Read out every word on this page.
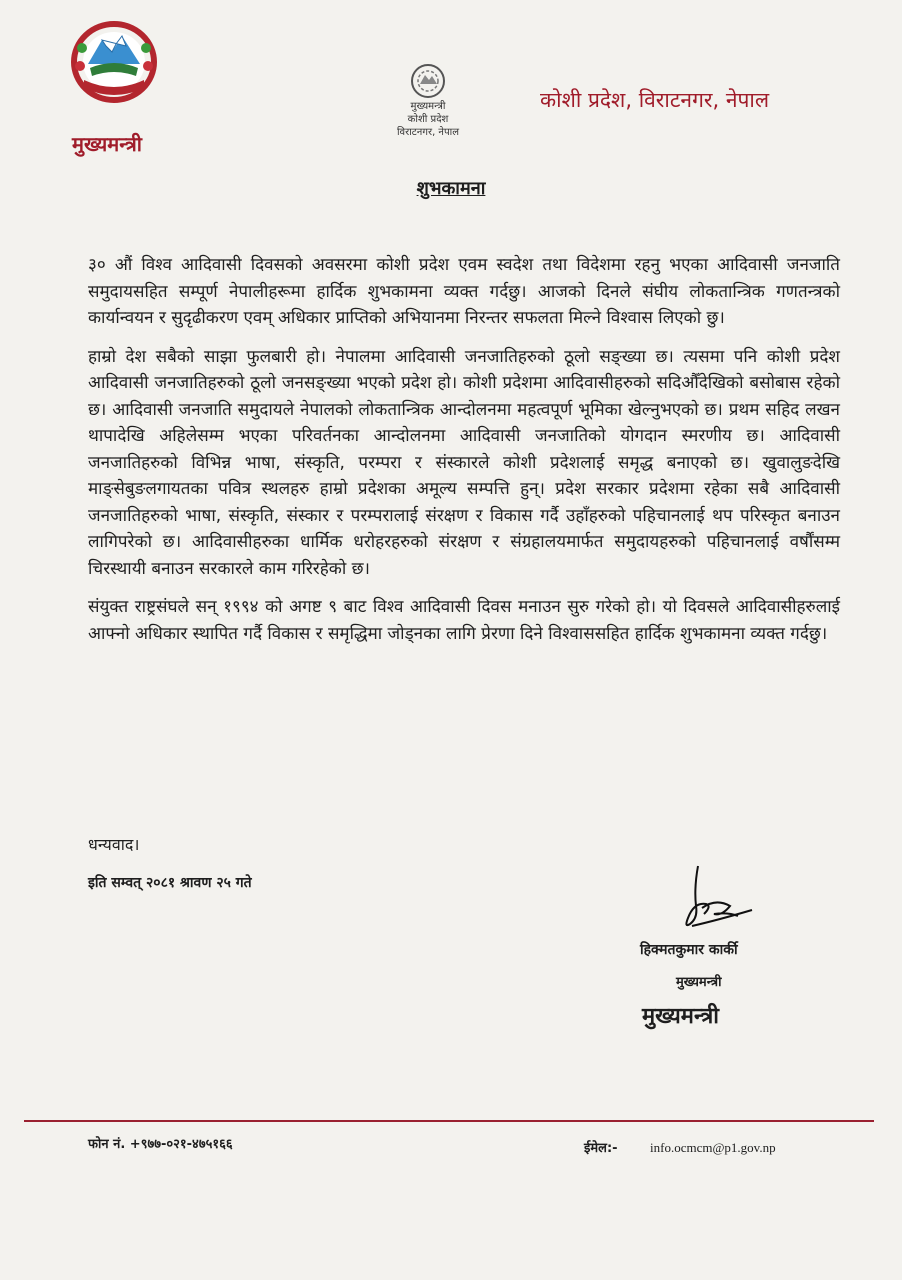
मुख्यमन्त्री
मुख्यमन्त्री
कोशी प्रदेश
विराटनगर, नेपाल
कोशी प्रदेश, विराटनगर, नेपाल
शुभकामना

३० औं विश्व आदिवासी दिवसको अवसरमा कोशी प्रदेश एवम स्वदेश तथा विदेशमा रहनु भएका आदिवासी जनजाति समुदायसहित सम्पूर्ण नेपालीहरूमा हार्दिक शुभकामना व्यक्त गर्दछु। आजको दिनले संघीय लोकतान्त्रिक गणतन्त्रको कार्यान्वयन र सुदृढीकरण एवम् अधिकार प्राप्तिको अभियानमा निरन्तर सफलता मिल्ने विश्वास लिएको छु।

हाम्रो देश सबैको साझा फुलबारी हो। नेपालमा आदिवासी जनजातिहरुको ठूलो सङ्ख्या छ। त्यसमा पनि कोशी प्रदेश आदिवासी जनजातिहरुको ठूलो जनसङ्ख्या भएको प्रदेश हो। कोशी प्रदेशमा आदिवासीहरुको सदिऔँदेखिको बसोबास रहेको छ। आदिवासी जनजाति समुदायले नेपालको लोकतान्त्रिक आन्दोलनमा महत्वपूर्ण भूमिका खेल्नुभएको छ। प्रथम सहिद लखन थापादेखि अहिलेसम्म भएका परिवर्तनका आन्दोलनमा आदिवासी जनजातिको योगदान स्मरणीय छ। आदिवासी जनजातिहरुको विभिन्न भाषा, संस्कृति, परम्परा र संस्कारले कोशी प्रदेशलाई समृद्ध बनाएको छ। खुवालुङदेखि माङ्सेबुङलगायतका पवित्र स्थलहरु हाम्रो प्रदेशका अमूल्य सम्पत्ति हुन्। प्रदेश सरकार प्रदेशमा रहेका सबै आदिवासी जनजातिहरुको भाषा, संस्कृति, संस्कार र परम्परालाई संरक्षण र विकास गर्दै उहाँहरुको पहिचानलाई थप परिस्कृत बनाउन लागिपरेको छ। आदिवासीहरुका धार्मिक धरोहरहरुको संरक्षण र संग्रहालयमार्फत समुदायहरुको पहिचानलाई वर्षौंसम्म चिरस्थायी बनाउन सरकारले काम गरिरहेको छ।

संयुक्त राष्ट्रसंघले सन् १९९४ को अगष्ट ९ बाट विश्व आदिवासी दिवस मनाउन सुरु गरेको हो। यो दिवसले आदिवासीहरुलाई आफ्नो अधिकार स्थापित गर्दै विकास र समृद्धिमा जोड्नका लागि प्रेरणा दिने विश्वाससहित हार्दिक शुभकामना व्यक्त गर्दछु।

धन्यवाद।
इति सम्वत् २०८१ श्रावण २५ गते
हिक्मतकुमार कार्की
मुख्यमन्त्री
मुख्यमन्त्री
फोन नं. +९७७-०२१-४७५१६६	ईमेल:- info.ocmcm@p1.gov.np
